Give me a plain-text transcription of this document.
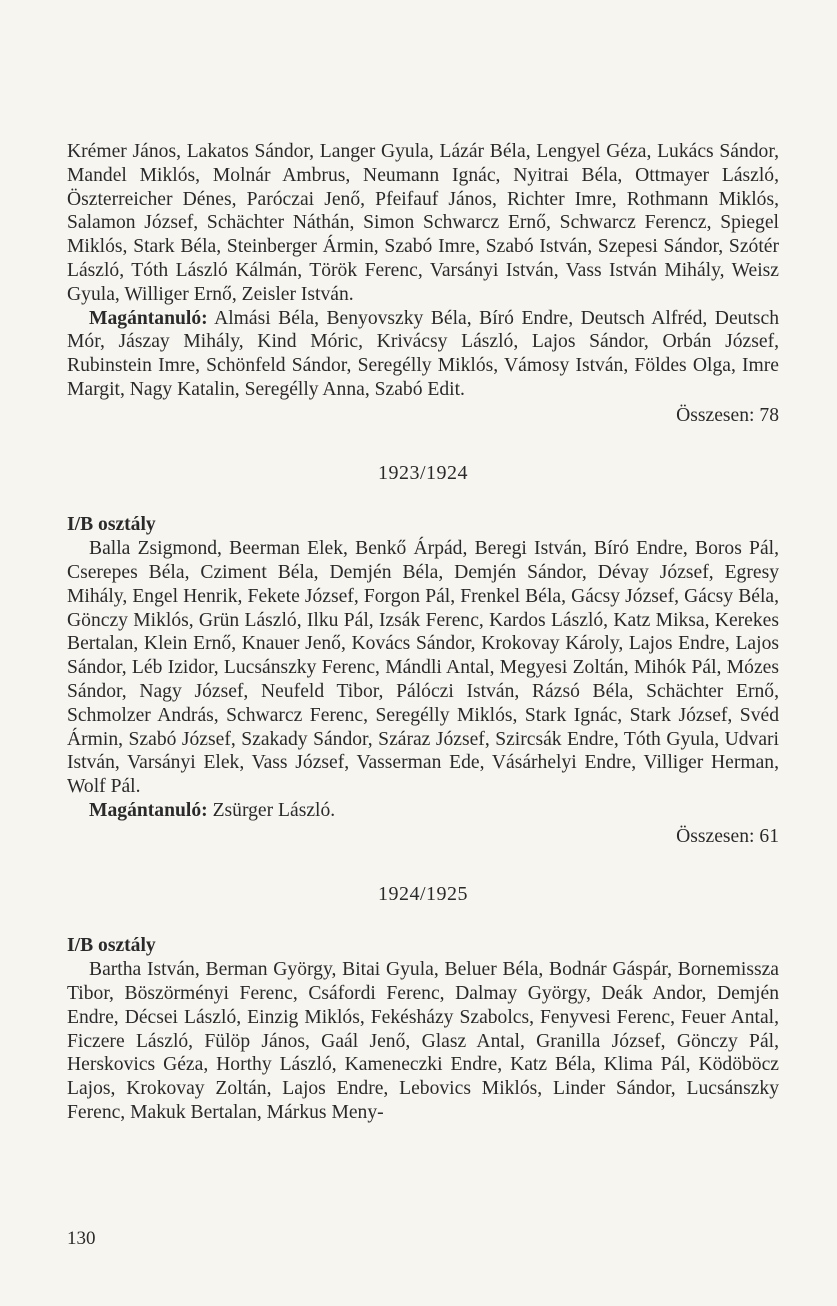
Krémer János, Lakatos Sándor, Langer Gyula, Lázár Béla, Lengyel Géza, Lukács Sándor, Mandel Miklós, Molnár Ambrus, Neumann Ignác, Nyitrai Béla, Ottmayer László, Öszterreicher Dénes, Paróczai Jenő, Pfeifauf János, Richter Imre, Rothmann Miklós, Salamon József, Schächter Náthán, Simon Schwarcz Ernő, Schwarcz Ferencz, Spiegel Miklós, Stark Béla, Steinberger Ármin, Szabó Imre, Szabó István, Szepesi Sándor, Szótér László, Tóth László Kálmán, Török Ferenc, Varsányi István, Vass István Mihály, Weisz Gyula, Williger Ernő, Zeisler István.

Magántanuló: Almási Béla, Benyovszky Béla, Bíró Endre, Deutsch Alfréd, Deutsch Mór, Jászay Mihály, Kind Móric, Krivácsy László, Lajos Sándor, Orbán József, Rubinstein Imre, Schönfeld Sándor, Seregélly Miklós, Vámosy István, Földes Olga, Imre Margit, Nagy Katalin, Seregélly Anna, Szabó Edit.

Összesen: 78

1923/1924

I/B osztály

Balla Zsigmond, Beerman Elek, Benkő Árpád, Beregi István, Bíró Endre, Boros Pál, Cserepes Béla, Cziment Béla, Demjén Béla, Demjén Sándor, Dévay József, Egresy Mihály, Engel Henrik, Fekete József, Forgon Pál, Frenkel Béla, Gácsy József, Gácsy Béla, Gönczy Miklós, Grün László, Ilku Pál, Izsák Ferenc, Kardos László, Katz Miksa, Kerekes Bertalan, Klein Ernő, Knauer Jenő, Kovács Sándor, Krokovay Károly, Lajos Endre, Lajos Sándor, Léb Izidor, Lucsánszky Ferenc, Mándli Antal, Megyesi Zoltán, Mihók Pál, Mózes Sándor, Nagy József, Neufeld Tibor, Pálóczi István, Rázsó Béla, Schächter Ernő, Schmolzer András, Schwarcz Ferenc, Seregélly Miklós, Stark Ignác, Stark József, Svéd Ármin, Szabó József, Szakady Sándor, Száraz József, Szircsák Endre, Tóth Gyula, Udvari István, Varsányi Elek, Vass József, Vasserman Ede, Vásárhelyi Endre, Villiger Herman, Wolf Pál.

Magántanuló: Zsürger László.

Összesen: 61

1924/1925

I/B osztály

Bartha István, Berman György, Bitai Gyula, Beluer Béla, Bodnár Gáspár, Bornemissza Tibor, Böszörményi Ferenc, Csáfordi Ferenc, Dalmay György, Deák Andor, Demjén Endre, Décsei László, Einzig Miklós, Fekésházy Szabolcs, Fenyvesi Ferenc, Feuer Antal, Ficzere László, Fülöp János, Gaál Jenő, Glasz Antal, Granilla József, Gönczy Pál, Herskovics Géza, Horthy László, Kameneczki Endre, Katz Béla, Klima Pál, Ködöböcz Lajos, Krokovay Zoltán, Lajos Endre, Lebovics Miklós, Linder Sándor, Lucsánszky Ferenc, Makuk Bertalan, Márkus Meny-

130
